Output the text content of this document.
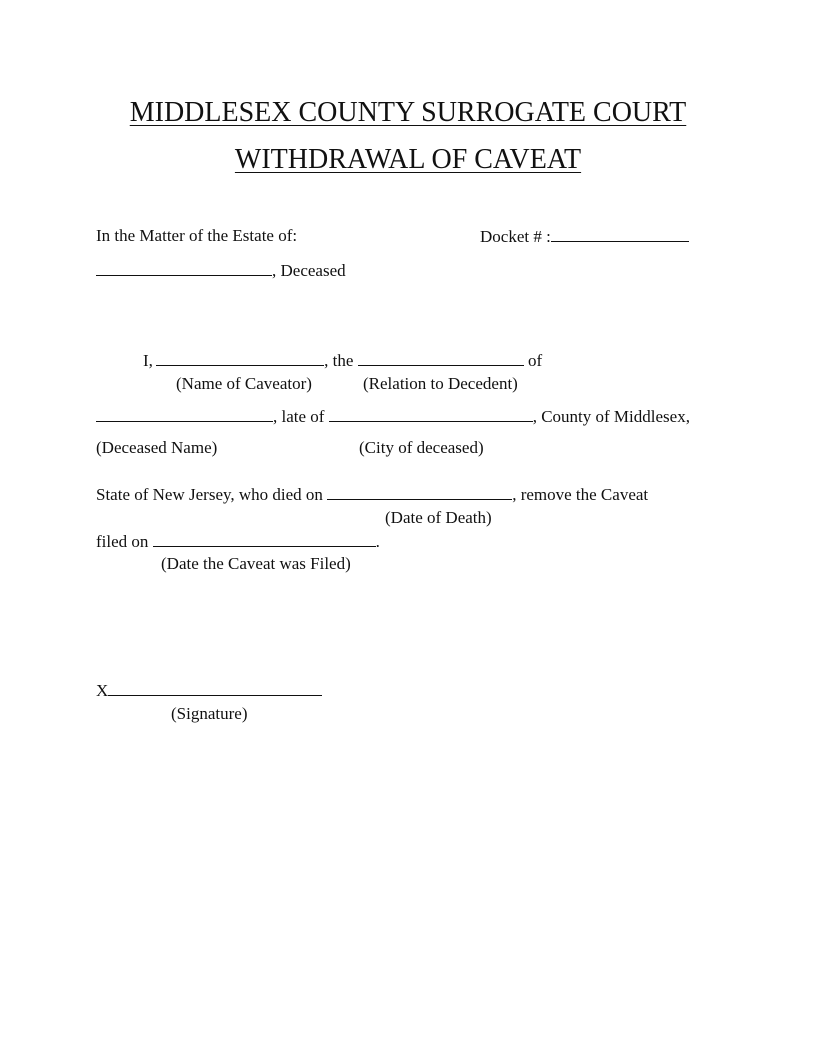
MIDDLESEX COUNTY SURROGATE COURT
WITHDRAWAL OF CAVEAT
In the Matter of the Estate of:	Docket # :
, Deceased
I,	, the	of
(Name of Caveator)	(Relation to Decedent)
, late of	, County of Middlesex,
(Deceased Name)	(City of deceased)
State of New Jersey, who died on	, remove the Caveat
(Date of Death)
filed on	.
(Date the Caveat was Filed)
X
(Signature)
